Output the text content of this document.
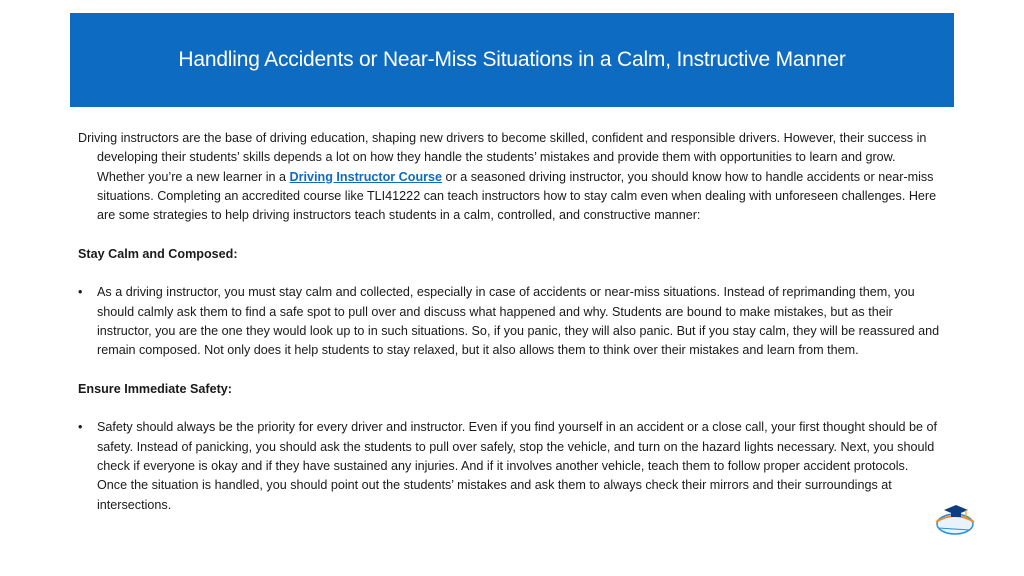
Handling Accidents or Near-Miss Situations in a Calm, Instructive Manner

Driving instructors are the base of driving education, shaping new drivers to become skilled, confident and responsible drivers. However, their success in developing their students’ skills depends a lot on how they handle the students’ mistakes and provide them with opportunities to learn and grow. Whether you’re a new learner in a Driving Instructor Course or a seasoned driving instructor, you should know how to handle accidents or near-miss situations. Completing an accredited course like TLI41222 can teach instructors how to stay calm even when dealing with unforeseen challenges. Here are some strategies to help driving instructors teach students in a calm, controlled, and constructive manner:

Stay Calm and Composed:

• As a driving instructor, you must stay calm and collected, especially in case of accidents or near-miss situations. Instead of reprimanding them, you should calmly ask them to find a safe spot to pull over and discuss what happened and why. Students are bound to make mistakes, but as their instructor, you are the one they would look up to in such situations. So, if you panic, they will also panic. But if you stay calm, they will be reassured and remain composed. Not only does it help students to stay relaxed, but it also allows them to think over their mistakes and learn from them.

Ensure Immediate Safety:

• Safety should always be the priority for every driver and instructor. Even if you find yourself in an accident or a close call, your first thought should be of safety. Instead of panicking, you should ask the students to pull over safely, stop the vehicle, and turn on the hazard lights necessary. Next, you should check if everyone is okay and if they have sustained any injuries. And if it involves another vehicle, teach them to follow proper accident protocols. Once the situation is handled, you should point out the students’ mistakes and ask them to always check their mirrors and their surroundings at intersections.
